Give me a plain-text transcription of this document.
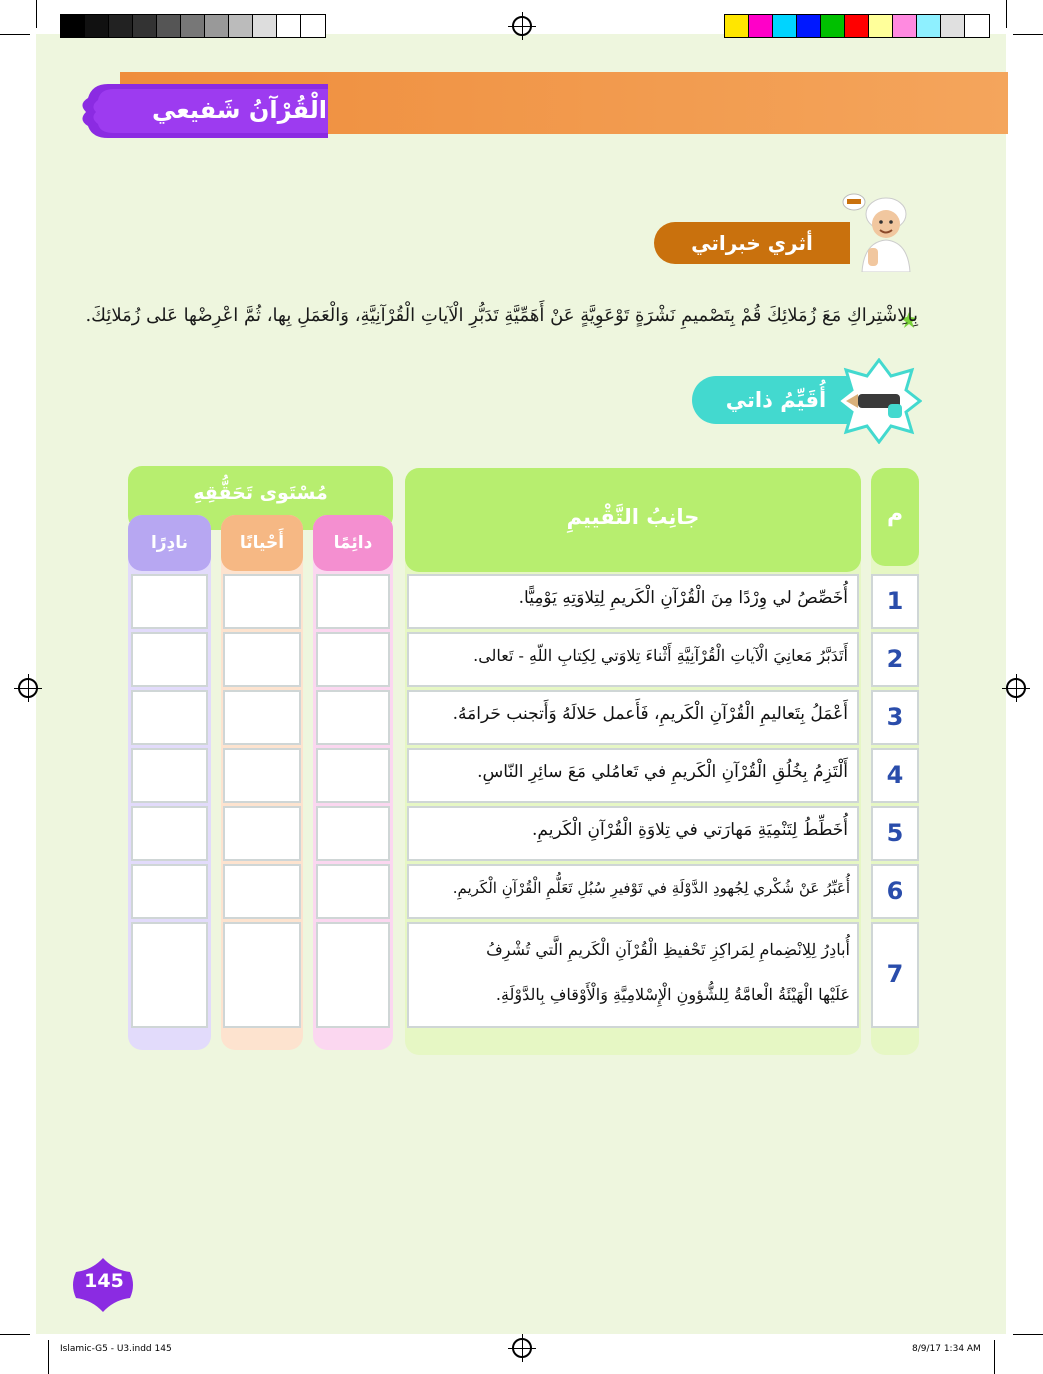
الْقُرْآنُ شَفيعي
أثري خبراتي
بِالِاشْتِراكِ مَعَ زُمَلائِكَ قُمْ بِتَصْميمِ نَشْرَةٍ تَوْعَوِيَّةٍ عَنْ أَهَمِّيَّةِ تَدَبُّرِ الْآياتِ الْقُرْآنِيَّةِ، وَالْعَمَلِ بِها، ثُمَّ اعْرِضْها عَلى زُمَلائِكَ.
أُقَيِّمُ ذاتي
م
جانِبُ التَّقْييمِ
مُسْتَوى تَحَقُّقِهِ
دائِمًا
أَحْيانًا
نادِرًا
1
أُخَصِّصُ لي وِرْدًا مِنَ الْقُرْآنِ الْكَريمِ لِتِلاوَتِهِ يَوْمِيًّا.
2
أَتَدَبَّرُ مَعانِيَ الْآياتِ الْقُرْآنِيَّةِ أَثْناءَ تِلاوَتي لِكِتابِ اللّهِ - تَعالى.
3
أَعْمَلُ بِتَعاليمِ الْقُرْآنِ الْكَريمِ، فَأَعمل حَلالَهُ وَأَتجنب حَرامَهُ.
4
أَلْتَزِمُ بِخُلُقِ الْقُرْآنِ الْكَريمِ في تَعامُلي مَعَ سائِرِ النّاسِ.
5
أُخَطِّطُ لِتَنْمِيَةِ مَهارَتي في تِلاوَةِ الْقُرْآنِ الْكَريمِ.
6
أُعَبِّرُ عَنْ شُكْري لِجُهودِ الدَّوْلَةِ في تَوْفيرِ سُبُلِ تَعَلُّمِ الْقُرْآنِ الْكَريمِ.
7
أُبادِرُ لِلِانْضِمامِ لِمَراكِزِ تَحْفيظِ الْقُرْآنِ الْكَريمِ الَّتي تُشْرِفُ
عَلَيْها الْهَيْئَةُ الْعامَّةُ لِلشُّؤونِ الْإِسْلامِيَّةِ وَالْأَوْقافِ بِالدَّوْلَةِ.
145
Islamic-G5 - U3.indd 145	8/9/17 1:34 AM
